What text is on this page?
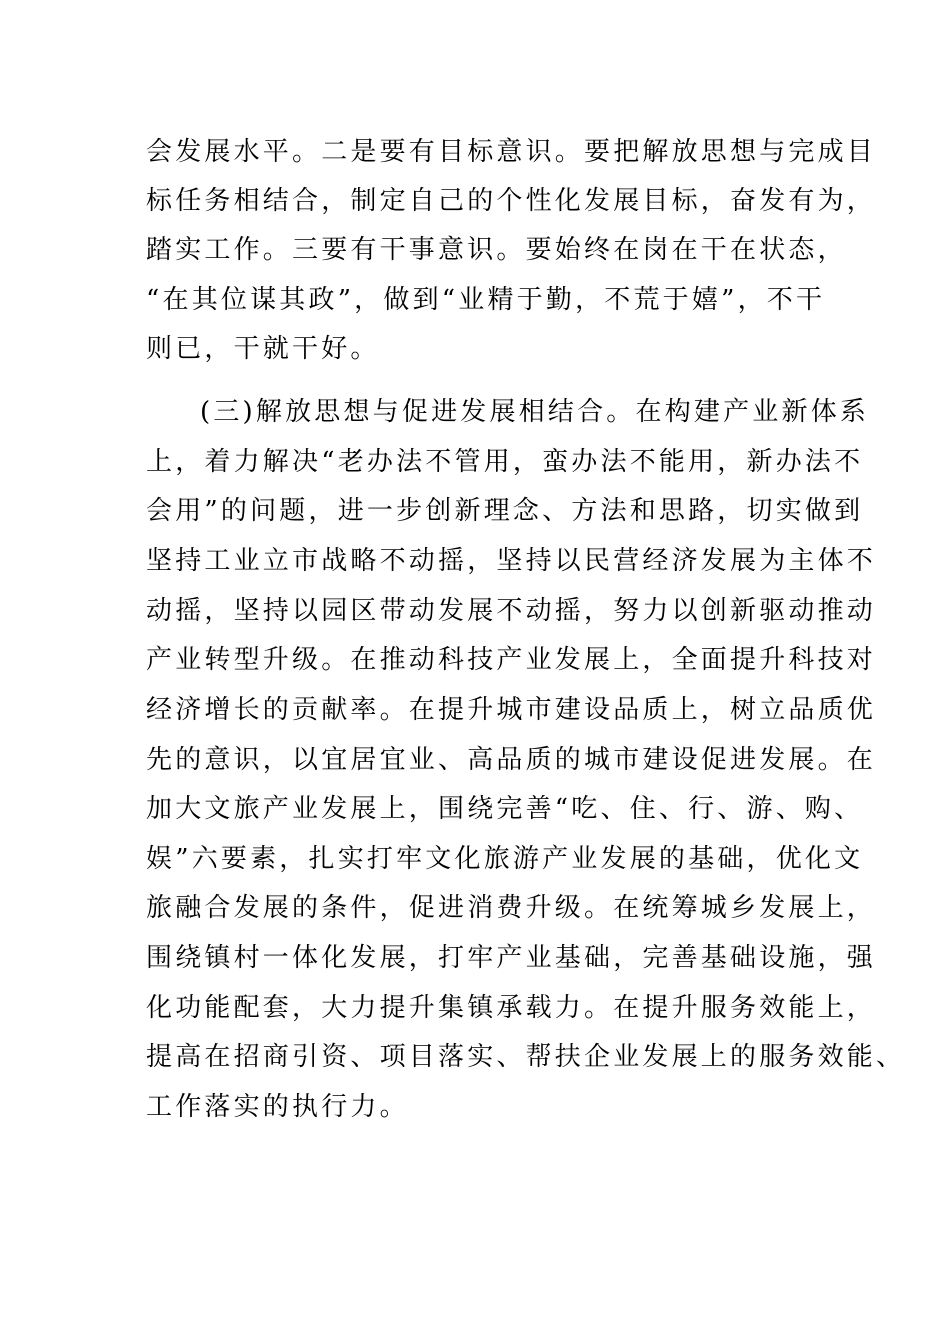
会发展水平。二是要有目标意识。要把解放思想与完成目
标任务相结合，制定自己的个性化发展目标，奋发有为，
踏实工作。三要有干事意识。要始终在岗在干在状态，
“在其位谋其政”，做到“业精于勤，不荒于嬉”，不干
则已，干就干好。
(三)解放思想与促进发展相结合。在构建产业新体系
上，着力解决“老办法不管用，蛮办法不能用，新办法不
会用”的问题，进一步创新理念、方法和思路，切实做到
坚持工业立市战略不动摇，坚持以民营经济发展为主体不
动摇，坚持以园区带动发展不动摇，努力以创新驱动推动
产业转型升级。在推动科技产业发展上，全面提升科技对
经济增长的贡献率。在提升城市建设品质上，树立品质优
先的意识，以宜居宜业、高品质的城市建设促进发展。在
加大文旅产业发展上，围绕完善“吃、住、行、游、购、
娱”六要素，扎实打牢文化旅游产业发展的基础，优化文
旅融合发展的条件，促进消费升级。在统筹城乡发展上，
围绕镇村一体化发展，打牢产业基础，完善基础设施，强
化功能配套，大力提升集镇承载力。在提升服务效能上，
提高在招商引资、项目落实、帮扶企业发展上的服务效能、
工作落实的执行力。
